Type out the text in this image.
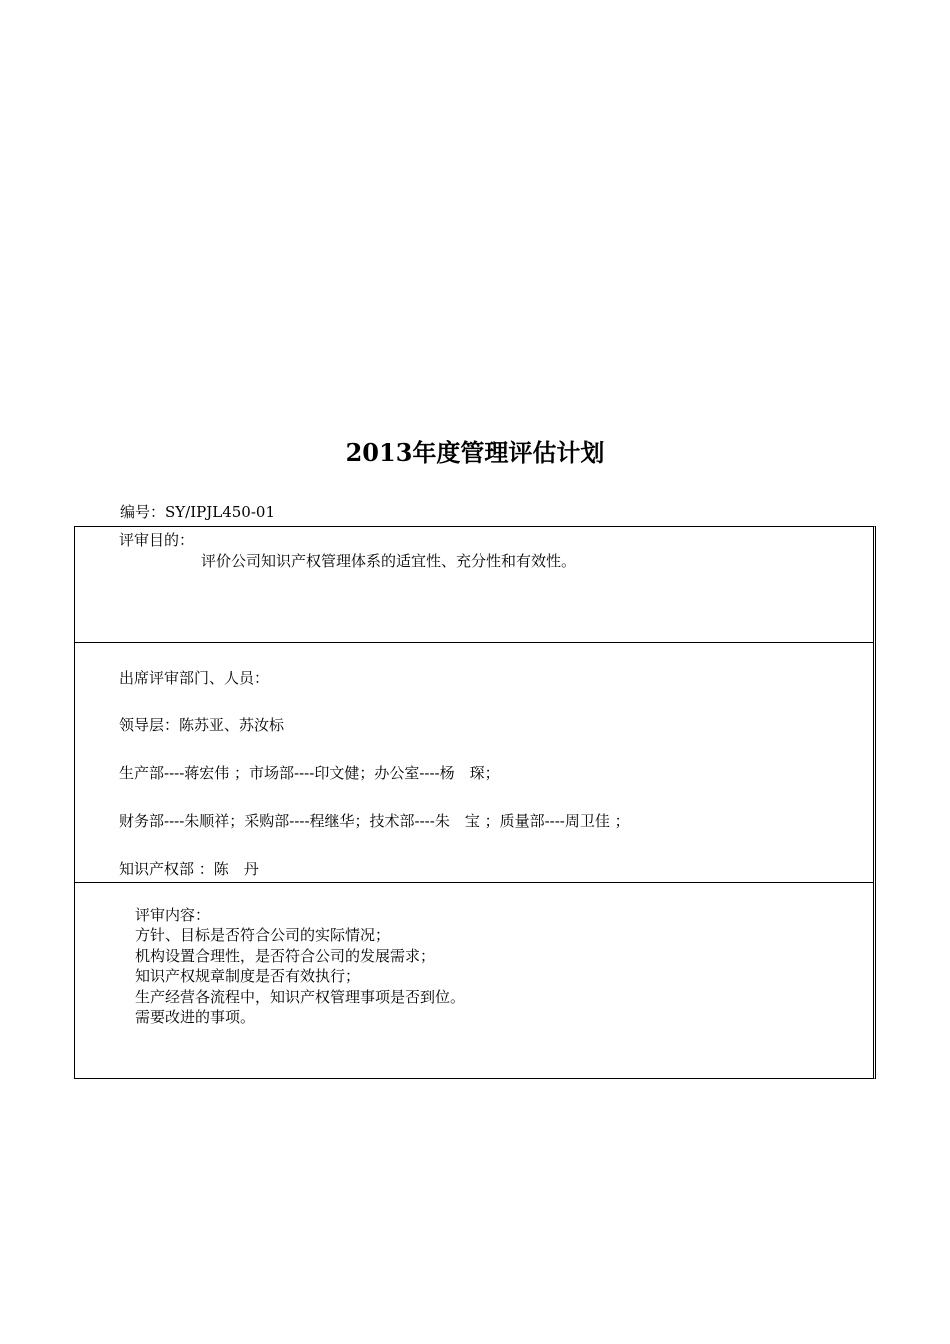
2013年度管理评估计划
编号：SY/IPJL450-01
评审目的：
评价公司知识产权管理体系的适宜性、充分性和有效性。
出席评审部门、人员：
领导层：陈苏亚、苏汝标
生产部----蒋宏伟 ；市场部----印文健；办公室----杨　琛；
财务部----朱顺祥；采购部----程继华；技术部----朱　宝 ；质量部----周卫佳 ；
知识产权部 ：陈　丹
评审内容：
方针、目标是否符合公司的实际情况；
机构设置合理性，是否符合公司的发展需求；
知识产权规章制度是否有效执行；
生产经营各流程中，知识产权管理事项是否到位。
需要改进的事项。
